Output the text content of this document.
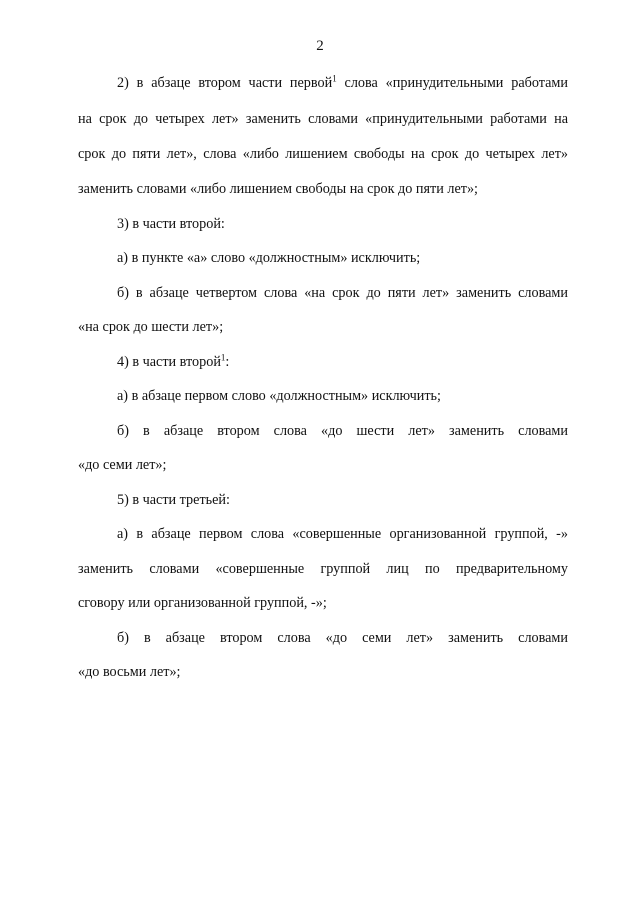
2
2) в абзаце втором части первой$^1$ слова «принудительными работами
на срок до четырех лет» заменить словами «принудительными работами на
срок до пяти лет», слова «либо лишением свободы на срок до четырех лет»
заменить словами «либо лишением свободы на срок до пяти лет»;
3) в части второй:
а) в пункте «а» слово «должностным» исключить;
б) в абзаце четвертом слова «на срок до пяти лет» заменить словами
«на срок до шести лет»;
4) в части второй$^1$:
а) в абзаце первом слово «должностным» исключить;
б) в абзаце втором слова «до шести лет» заменить словами
«до семи лет»;
5) в части третьей:
а) в абзаце первом слова «совершенные организованной группой, -»
заменить словами «совершенные группой лиц по предварительному
сговору или организованной группой, -»;
б) в абзаце втором слова «до семи лет» заменить словами
«до восьми лет»;
